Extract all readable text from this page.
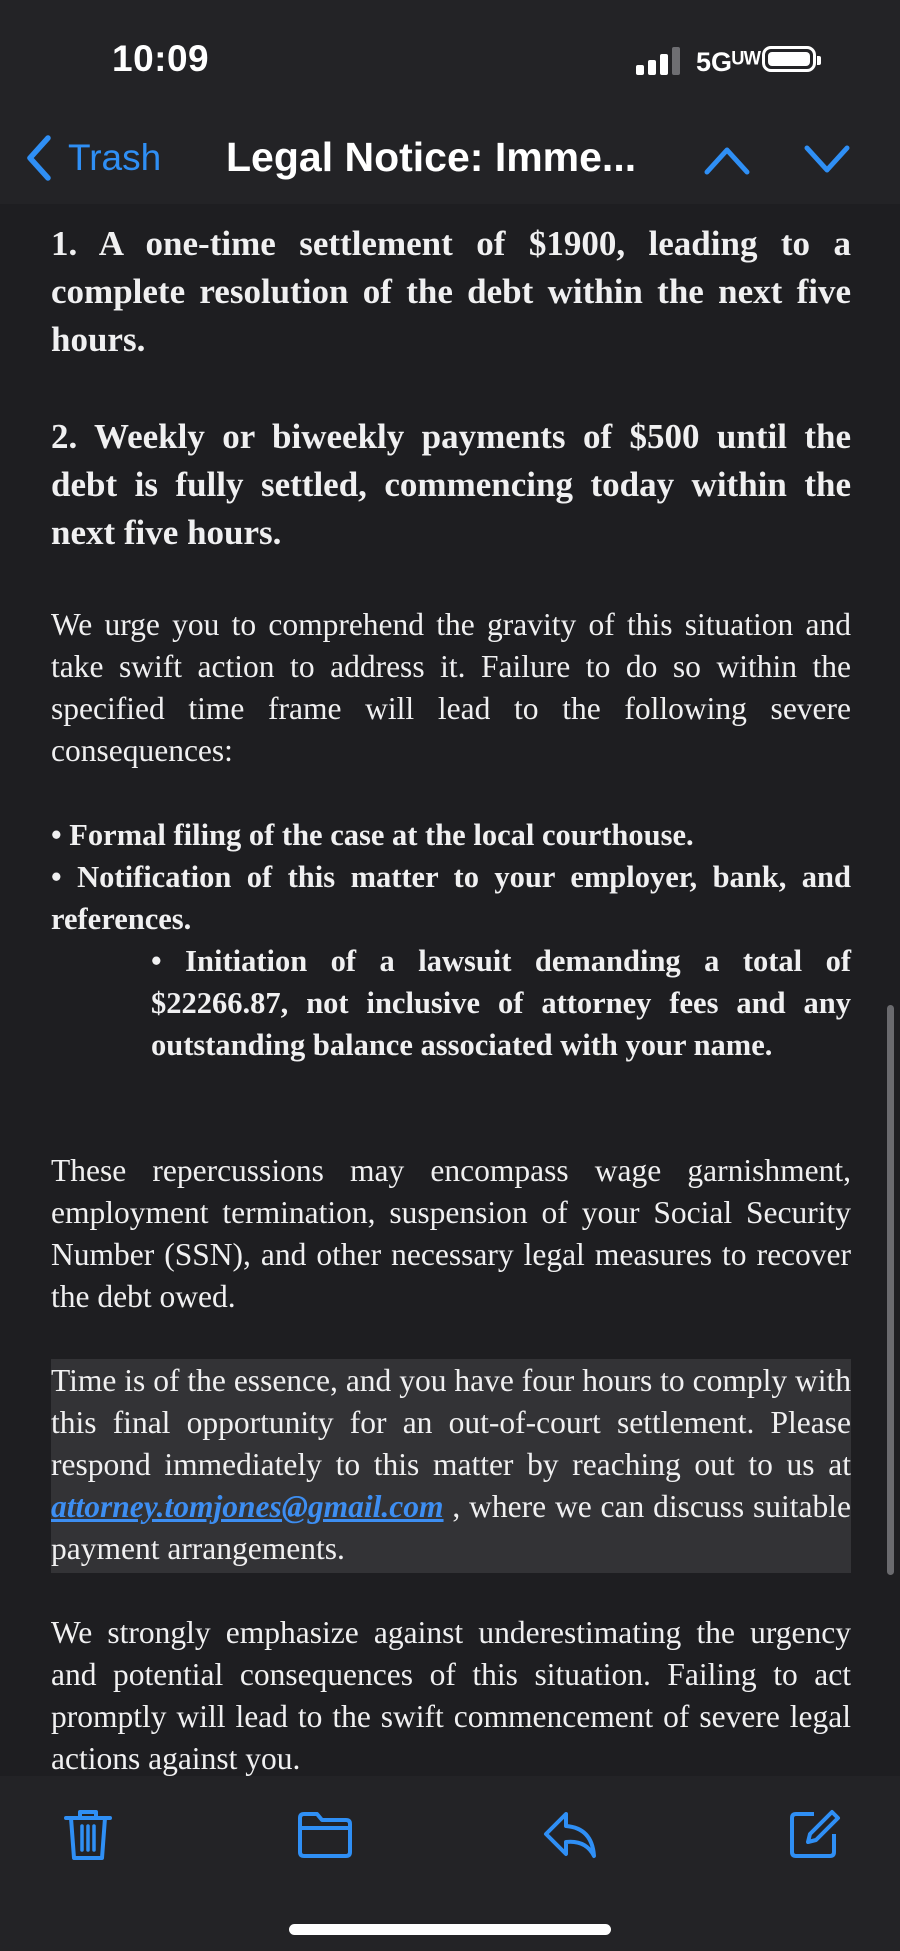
10:09	5Gᵁᵂ
Trash Legal Notice: Imme...

1. A one-time settlement of $1900, leading to a complete resolution of the debt within the next five hours.

2. Weekly or biweekly payments of $500 until the debt is fully settled, commencing today within the next five hours.

We urge you to comprehend the gravity of this situation and take swift action to address it. Failure to do so within the specified time frame will lead to the following severe consequences:

• Formal filing of the case at the local courthouse.

• Notification of this matter to your employer, bank, and references.

• Initiation of a lawsuit demanding a total of $22266.87, not inclusive of attorney fees and any outstanding balance associated with your name.

These repercussions may encompass wage garnishment, employment termination, suspension of your Social Security Number (SSN), and other necessary legal measures to recover the debt owed.

Time is of the essence, and you have four hours to comply with this final opportunity for an out-of-court settlement. Please respond immediately to this matter by reaching out to us at attorney.tomjones@gmail.com , where we can discuss suitable payment arrangements.

We strongly emphasize against underestimating the urgency and potential consequences of this situation. Failing to act promptly will lead to the swift commencement of severe legal actions against you.
